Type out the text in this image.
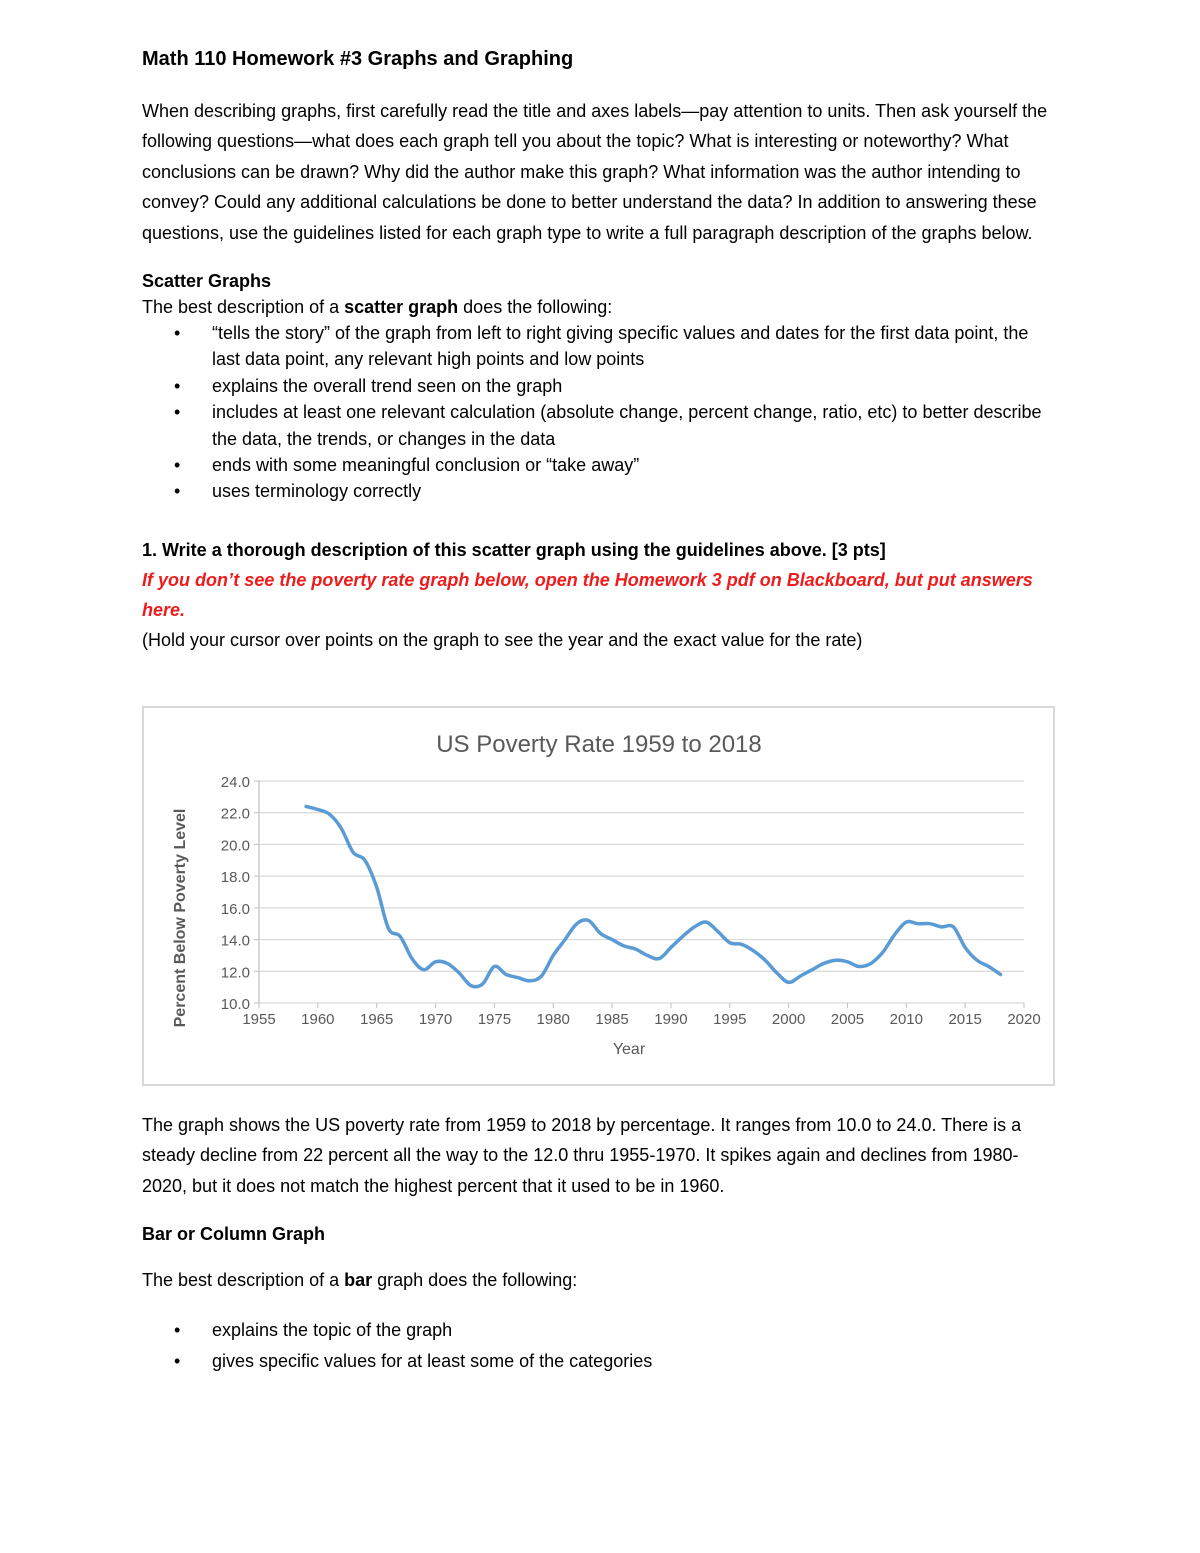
Math 110 Homework #3 Graphs and Graphing

When describing graphs, first carefully read the title and axes labels—pay attention to units. Then ask yourself the following questions—what does each graph tell you about the topic? What is interesting or noteworthy? What conclusions can be drawn? Why did the author make this graph? What information was the author intending to convey? Could any additional calculations be done to better understand the data? In addition to answering these questions, use the guidelines listed for each graph type to write a full paragraph description of the graphs below.

Scatter Graphs

The best description of a scatter graph does the following:

• “tells the story” of the graph from left to right giving specific values and dates for the first data point, the last data point, any relevant high points and low points
• explains the overall trend seen on the graph
• includes at least one relevant calculation (absolute change, percent change, ratio, etc) to better describe the data, the trends, or changes in the data
• ends with some meaningful conclusion or “take away”
• uses terminology correctly

1. Write a thorough description of this scatter graph using the guidelines above. [3 pts]

If you don’t see the poverty rate graph below, open the Homework 3 pdf on Blackboard, but put answers here.

(Hold your cursor over points on the graph to see the year and the exact value for the rate)

10.0
12.0
14.0
16.0
18.0
20.0
22.0
24.0
1955 1960 1965 1970 1975 1980 1985 1990 1995 2000 2005 2010 2015 2020
US Poverty Rate 1959 to 2018
Year
Percent Below Poverty Level

The graph shows the US poverty rate from 1959 to 2018 by percentage. It ranges from 10.0 to 24.0. There is a steady decline from 22 percent all the way to the 12.0 thru 1955-1970. It spikes again and declines from 1980-2020, but it does not match the highest percent that it used to be in 1960.

Bar or Column Graph

The best description of a bar graph does the following:

• explains the topic of the graph
• gives specific values for at least some of the categories
